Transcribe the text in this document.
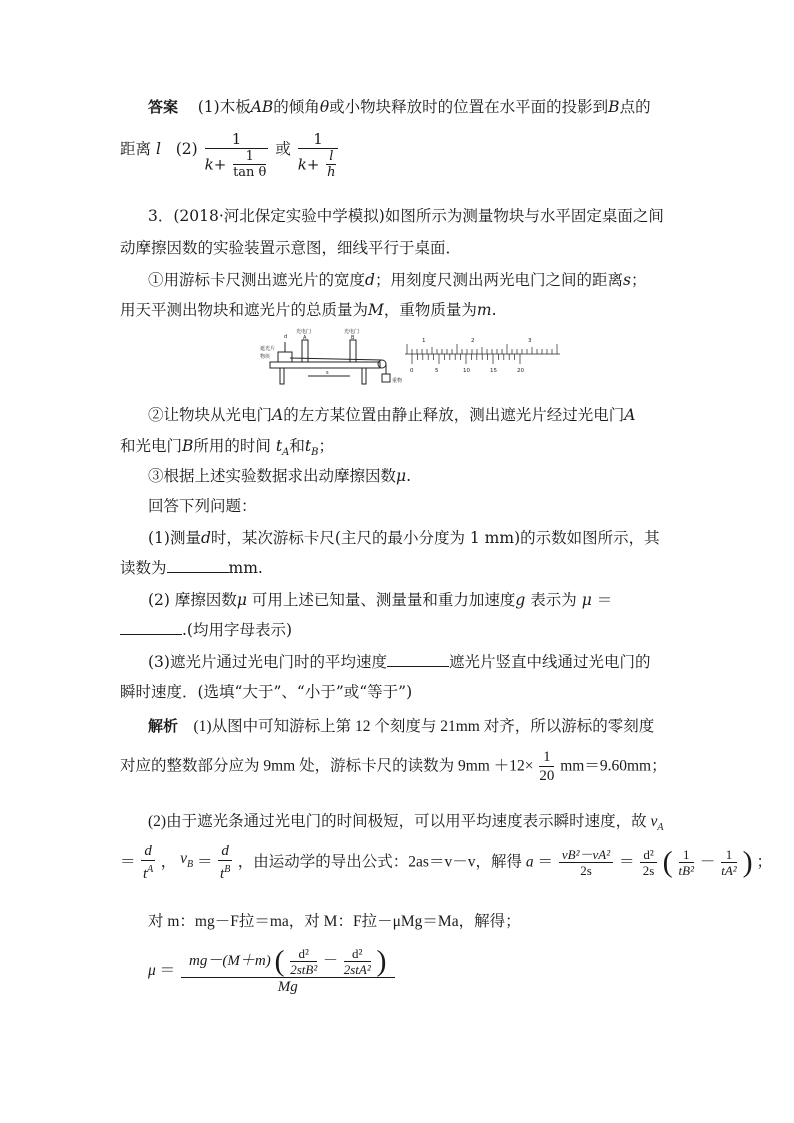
答案 (1)木板AB的倾角θ或小物块释放时的位置在水平面的投影到B点的
距离 l $(2) \frac{1}{k+ \frac{1}{\text{tan θ}}}$ 或 $\frac{1}{k+ \frac{l}{h}}$
3．(2018·河北保定实验中学模拟)如图所示为测量物块与水平固定桌面之间
动摩擦因数的实验装置示意图，细线平行于桌面．
①用游标卡尺测出遮光片的宽度d；用刻度尺测出两光电门之间的距离s；
用天平测出物块和遮光片的总质量为M，重物质量为m.
光电门
A
光电门
B
d
遮光片
物块
s
重物
1	2	3
0	5	10	15	20
②让物块从光电门A的左方某位置由静止释放，测出遮光片经过光电门A
和光电门B所用的时间 $t_A$和$t_B$；
③根据上述实验数据求出动摩擦因数μ.
回答下列问题：
(1)测量d时，某次游标卡尺(主尺的最小分度为 1 mm)的示数如图所示，其
读数为	mm.
(2) 摩擦因数μ 可用上述已知量、测量量和重力加速度g 表示为 μ ＝
.(均用字母表示)
(3)遮光片通过光电门时的平均速度	遮光片竖直中线通过光电门的
瞬时速度．(选填“大于”、“小于”或“等于”)
解析 (1)从图中可知游标上第 12 个刻度与 21mm 对齐，所以游标的零刻度
对应的整数部分应为 9mm 处，游标卡尺的读数为 $9mm +12\times \frac{1}{20} mm=9.60mm$；
(2)由于遮光条通过光电门的时间极短，可以用平均速度表示瞬时速度，故 $v_A$
＝ $\frac{d}{t^A}$ ， $v_B = \frac{d}{t^B}$ ，由运动学的导出公式：2as＝v－v，解得 $a = \frac{\text{vB²－vA²}}{2s} = \frac{\text{d²}}{2s}$ ( $\frac{1}{\text{tB²}} - \frac{1}{\text{tA²}}$ ) ；
对 m：mg－F拉＝ma，对 M：F拉－μMg＝Ma，解得；
μ ＝
mg－(M＋m) ( $\frac{\text{d²}}{\text{2stB²}} - \frac{\text{d²}}{\text{2stA²}}$ )
Mg
